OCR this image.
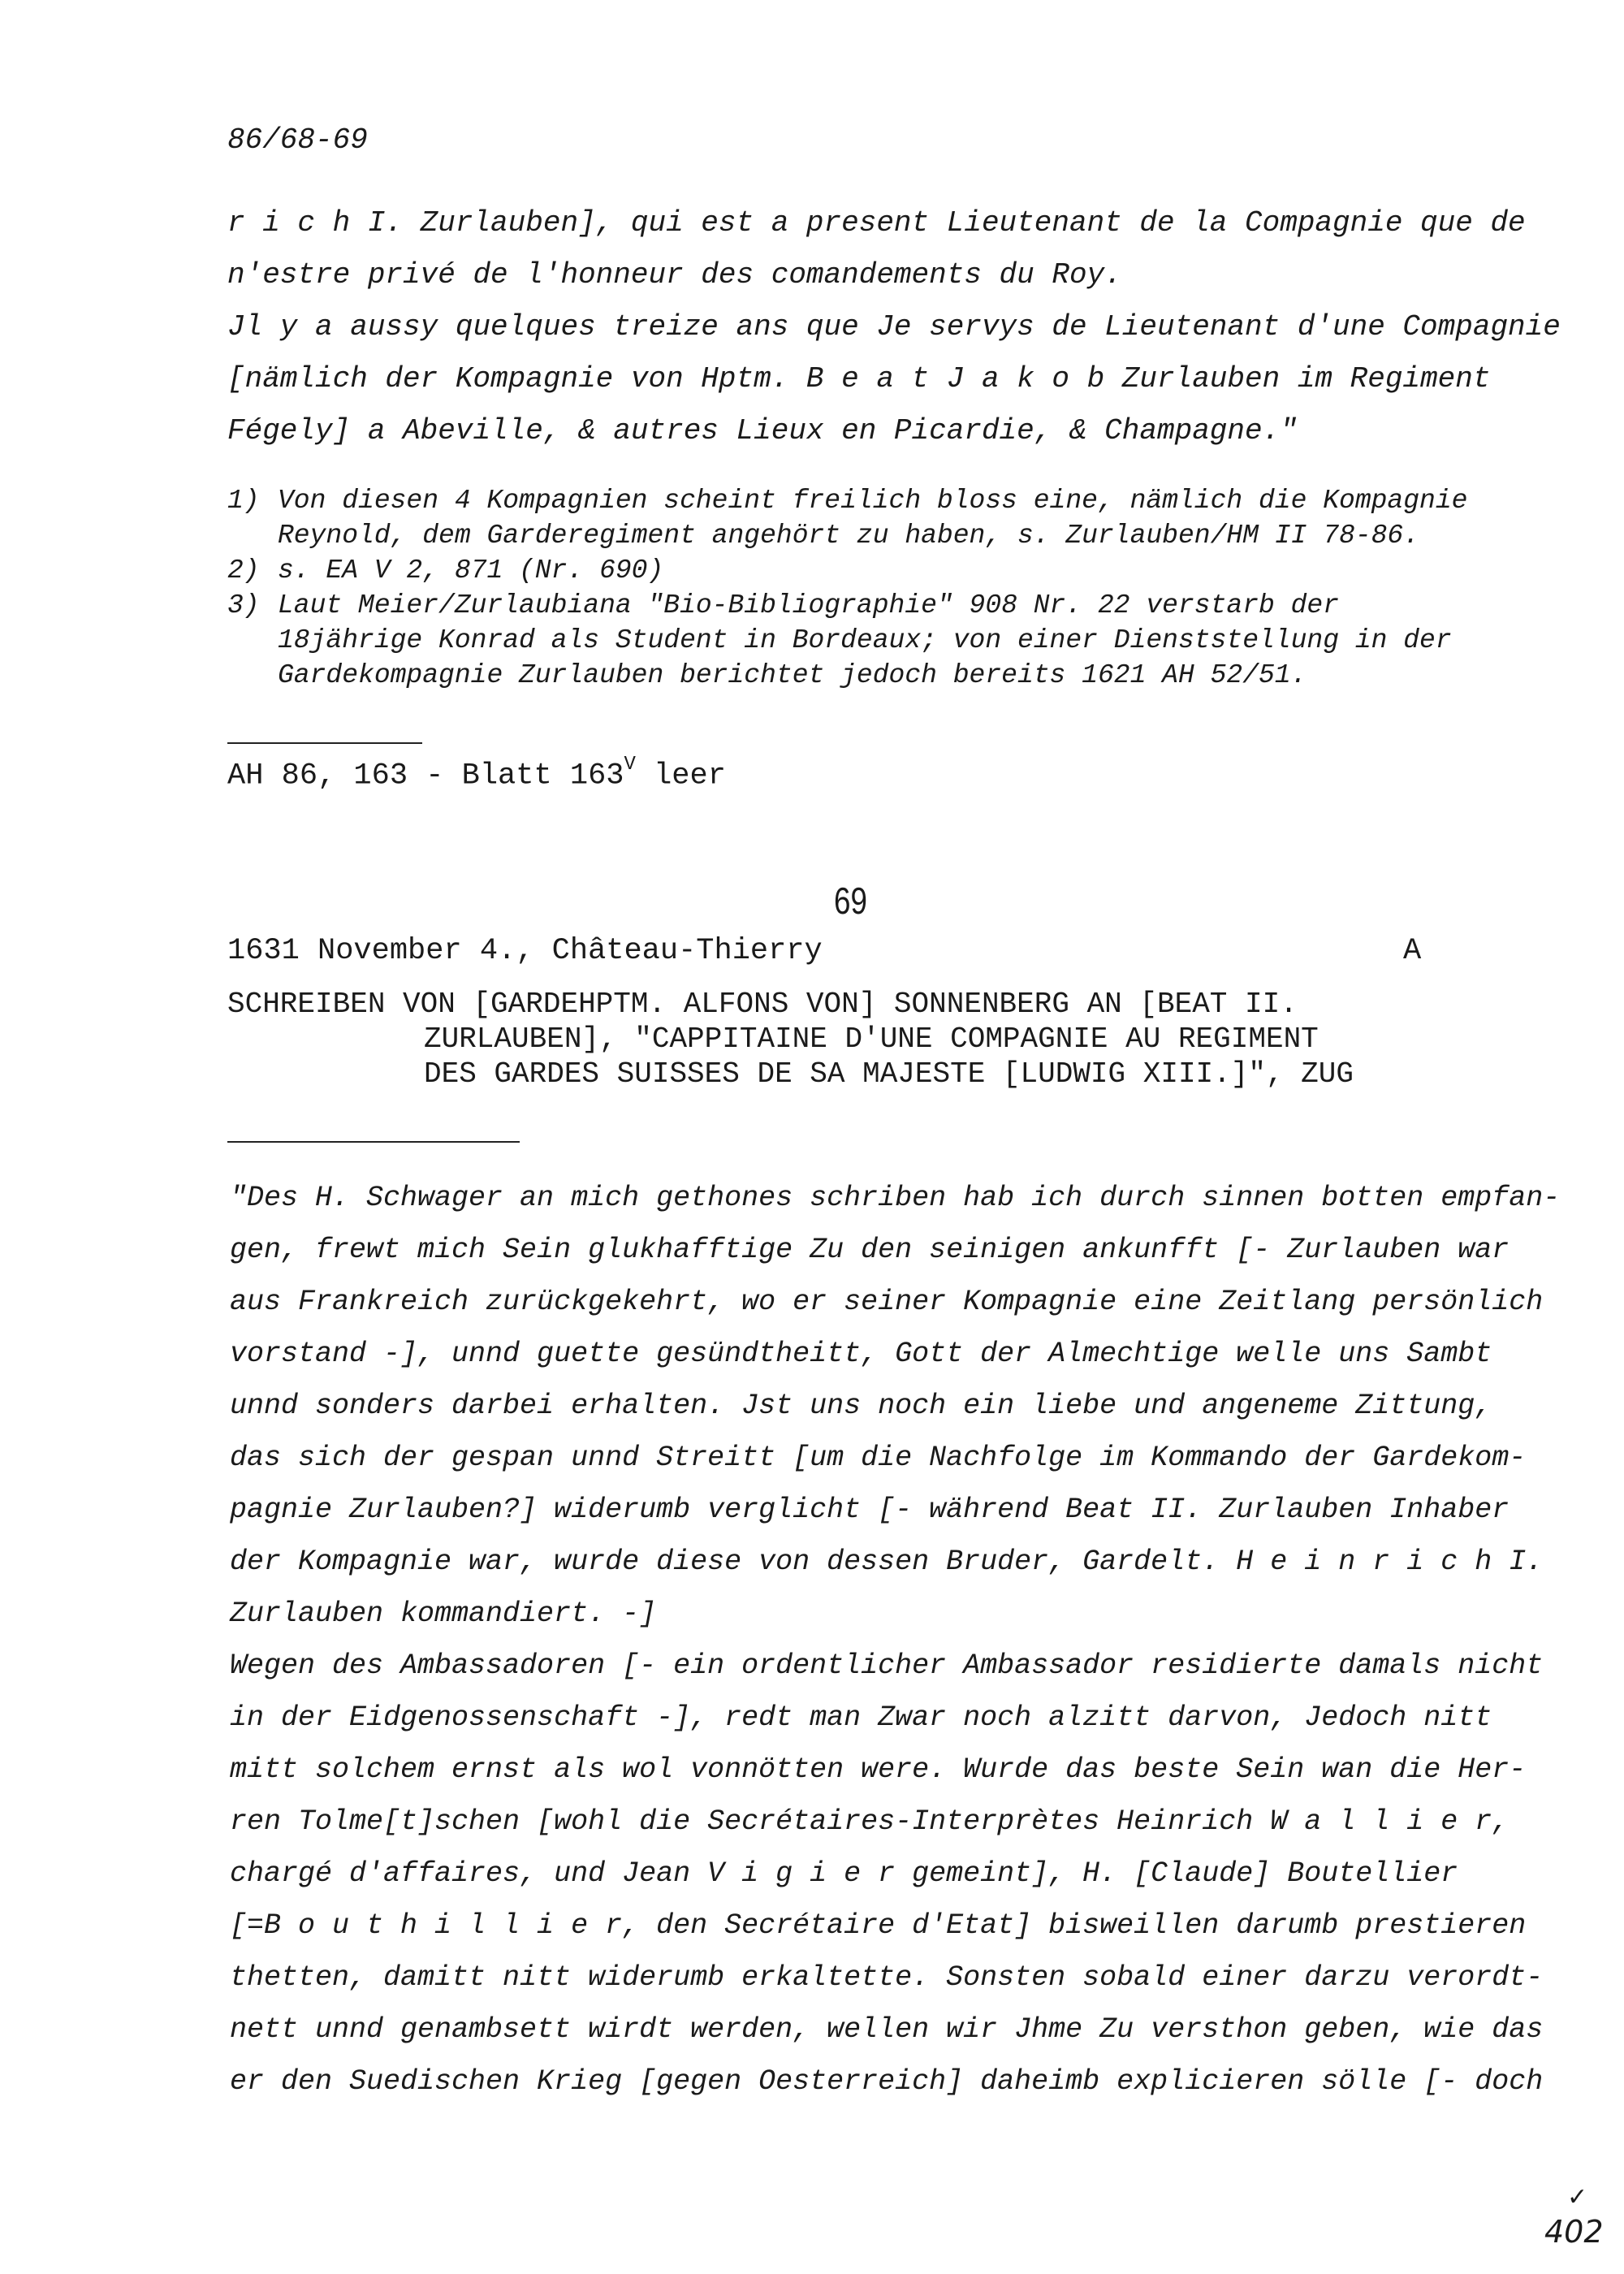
86/68-69
r i c h I. Zurlauben], qui est a present Lieutenant de la Compagnie que de
n'estre privé de l'honneur des comandements du Roy.
Jl y a aussy quelques treize ans que Je servys de Lieutenant d'une Compagnie
[nämlich der Kompagnie von Hptm. B e a t J a k o b Zurlauben im Regiment
Fégely] a Abeville, & autres Lieux en Picardie, & Champagne."
1) Von diesen 4 Kompagnien scheint freilich bloss eine, nämlich die Kompagnie Reynold, dem Garderegiment angehört zu haben, s. Zurlauben/HM II 78-86.
2) s. EA V 2, 871 (Nr. 690)
3) Laut Meier/Zurlaubiana "Bio-Bibliographie" 908 Nr. 22 verstarb der 18jährige Konrad als Student in Bordeaux; von einer Dienststellung in der Gardekompagnie Zurlauben berichtet jedoch bereits 1621 AH 52/51.
AH 86, 163 - Blatt $163^V$ leer
69
1631 November 4., Château-Thierry	A
SCHREIBEN VON [GARDEHPTM. ALFONS VON] SONNENBERG AN [BEAT II.
ZURLAUBEN], "CAPPITAINE D'UNE COMPAGNIE AU REGIMENT
DES GARDES SUISSES DE SA MAJESTE [LUDWIG XIII.]", ZUG
"Des H. Schwager an mich gethones schriben hab ich durch sinnen botten empfan-
gen, frewt mich Sein glukhafftige Zu den seinigen ankunfft [- Zurlauben war
aus Frankreich zurückgekehrt, wo er seiner Kompagnie eine Zeitlang persönlich
vorstand -], unnd guette gesündtheitt, Gott der Almechtige welle uns Sambt
unnd sonders darbei erhalten. Jst uns noch ein liebe und angeneme Zittung,
das sich der gespan unnd Streitt [um die Nachfolge im Kommando der Gardekom-
pagnie Zurlauben?] widerumb verglicht [- während Beat II. Zurlauben Inhaber
der Kompagnie war, wurde diese von dessen Bruder, Gardelt. H e i n r i c h I.
Zurlauben kommandiert. -]
Wegen des Ambassadoren [- ein ordentlicher Ambassador residierte damals nicht
in der Eidgenossenschaft -], redt man Zwar noch alzitt darvon, Jedoch nitt
mitt solchem ernst als wol vonnötten were. Wurde das beste Sein wan die Her-
ren Tolme[t]schen [wohl die Secrétaires-Interprètes Heinrich W a l l i e r,
chargé d'affaires, und Jean V i g i e r gemeint], H. [Claude] Boutellier
[=B o u t h i l l i e r, den Secrétaire d'Etat] bisweillen darumb prestieren
thetten, damitt nitt widerumb erkaltette. Sonsten sobald einer darzu verordt-
nett unnd genambsett wirdt werden, wellen wir Jhme Zu versthon geben, wie das
er den Suedischen Krieg [gegen Oesterreich] daheimb explicieren sölle [- doch
✓
402
